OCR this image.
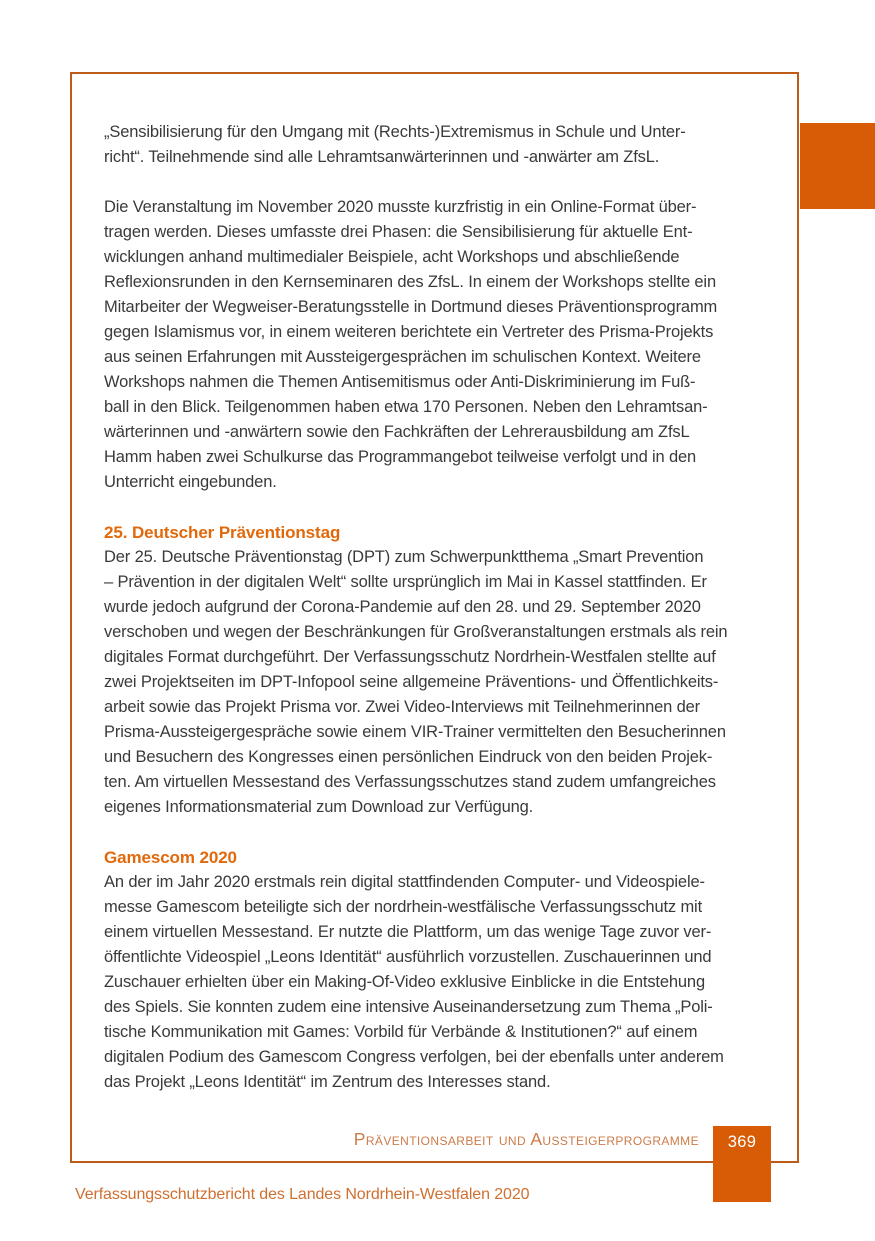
„Sensibilisierung für den Umgang mit (Rechts-)Extremismus in Schule und Unter-
richt“. Teilnehmende sind alle Lehramtsanwärterinnen und -anwärter am ZfsL.
Die Veranstaltung im November 2020 musste kurzfristig in ein Online-Format über-
tragen werden. Dieses umfasste drei Phasen: die Sensibilisierung für aktuelle Ent-
wicklungen anhand multimedialer Beispiele, acht Workshops und abschließende
Reflexionsrunden in den Kernseminaren des ZfsL. In einem der Workshops stellte ein
Mitarbeiter der Wegweiser-Beratungsstelle in Dortmund dieses Präventionsprogramm
gegen Islamismus vor, in einem weiteren berichtete ein Vertreter des Prisma-Projekts
aus seinen Erfahrungen mit Aussteigergesprächen im schulischen Kontext. Weitere
Workshops nahmen die Themen Antisemitismus oder Anti-Diskriminierung im Fuß-
ball in den Blick. Teilgenommen haben etwa 170 Personen. Neben den Lehramtsan-
wärterinnen und -anwärtern sowie den Fachkräften der Lehrerausbildung am ZfsL
Hamm haben zwei Schulkurse das Programmangebot teilweise verfolgt und in den
Unterricht eingebunden.
25. Deutscher Präventionstag
Der 25. Deutsche Präventionstag (DPT) zum Schwerpunktthema „Smart Prevention
– Prävention in der digitalen Welt“ sollte ursprünglich im Mai in Kassel stattfinden. Er
wurde jedoch aufgrund der Corona-Pandemie auf den 28. und 29. September 2020
verschoben und wegen der Beschränkungen für Großveranstaltungen erstmals als rein
digitales Format durchgeführt. Der Verfassungsschutz Nordrhein-Westfalen stellte auf
zwei Projektseiten im DPT-Infopool seine allgemeine Präventions- und Öffentlichkeits-
arbeit sowie das Projekt Prisma vor. Zwei Video-Interviews mit Teilnehmerinnen der
Prisma-Aussteigergespräche sowie einem VIR-Trainer vermittelten den Besucherinnen
und Besuchern des Kongresses einen persönlichen Eindruck von den beiden Projek-
ten. Am virtuellen Messestand des Verfassungsschutzes stand zudem umfangreiches
eigenes Informationsmaterial zum Download zur Verfügung.
Gamescom 2020
An der im Jahr 2020 erstmals rein digital stattfindenden Computer- und Videospiele-
messe Gamescom beteiligte sich der nordrhein-westfälische Verfassungsschutz mit
einem virtuellen Messestand. Er nutzte die Plattform, um das wenige Tage zuvor ver-
öffentlichte Videospiel „Leons Identität“ ausführlich vorzustellen. Zuschauerinnen und
Zuschauer erhielten über ein Making-Of-Video exklusive Einblicke in die Entstehung
des Spiels. Sie konnten zudem eine intensive Auseinandersetzung zum Thema „Poli-
tische Kommunikation mit Games: Vorbild für Verbände & Institutionen?“ auf einem
digitalen Podium des Gamescom Congress verfolgen, bei der ebenfalls unter anderem
das Projekt „Leons Identität“ im Zentrum des Interesses stand.
Präventionsarbeit und Aussteigerprogramme	369
Verfassungsschutzbericht des Landes Nordrhein-Westfalen 2020
